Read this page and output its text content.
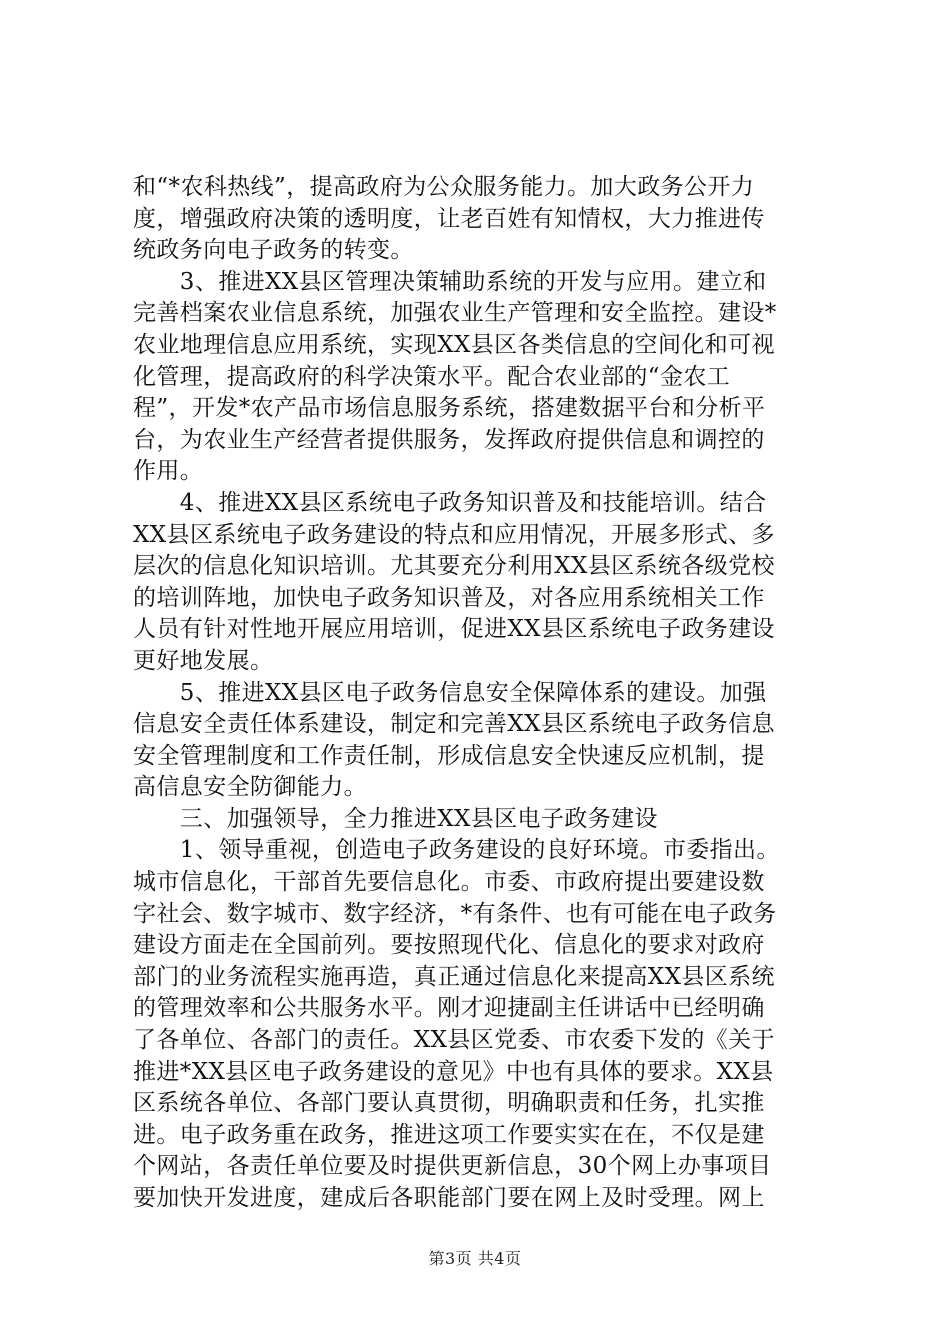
和“*农科热线”，提高政府为公众服务能力。加大政务公开力
度，增强政府决策的透明度，让老百姓有知情权，大力推进传
统政务向电子政务的转变。
　　3、推进XX县区管理决策辅助系统的开发与应用。建立和
完善档案农业信息系统，加强农业生产管理和安全监控。建设*
农业地理信息应用系统，实现XX县区各类信息的空间化和可视
化管理，提高政府的科学决策水平。配合农业部的“金农工
程”，开发*农产品市场信息服务系统，搭建数据平台和分析平
台，为农业生产经营者提供服务，发挥政府提供信息和调控的
作用。
　　4、推进XX县区系统电子政务知识普及和技能培训。结合
XX县区系统电子政务建设的特点和应用情况，开展多形式、多
层次的信息化知识培训。尤其要充分利用XX县区系统各级党校
的培训阵地，加快电子政务知识普及，对各应用系统相关工作
人员有针对性地开展应用培训，促进XX县区系统电子政务建设
更好地发展。
　　5、推进XX县区电子政务信息安全保障体系的建设。加强
信息安全责任体系建设，制定和完善XX县区系统电子政务信息
安全管理制度和工作责任制，形成信息安全快速反应机制，提
高信息安全防御能力。
　　三、加强领导，全力推进XX县区电子政务建设
　　1、领导重视，创造电子政务建设的良好环境。市委指出。
城市信息化，干部首先要信息化。市委、市政府提出要建设数
字社会、数字城市、数字经济，*有条件、也有可能在电子政务
建设方面走在全国前列。要按照现代化、信息化的要求对政府
部门的业务流程实施再造，真正通过信息化来提高XX县区系统
的管理效率和公共服务水平。刚才迎捷副主任讲话中已经明确
了各单位、各部门的责任。XX县区党委、市农委下发的《关于
推进*XX县区电子政务建设的意见》中也有具体的要求。XX县
区系统各单位、各部门要认真贯彻，明确职责和任务，扎实推
进。电子政务重在政务，推进这项工作要实实在在，不仅是建
个网站，各责任单位要及时提供更新信息，30个网上办事项目
要加快开发进度，建成后各职能部门要在网上及时受理。网上
第3页 共4页
